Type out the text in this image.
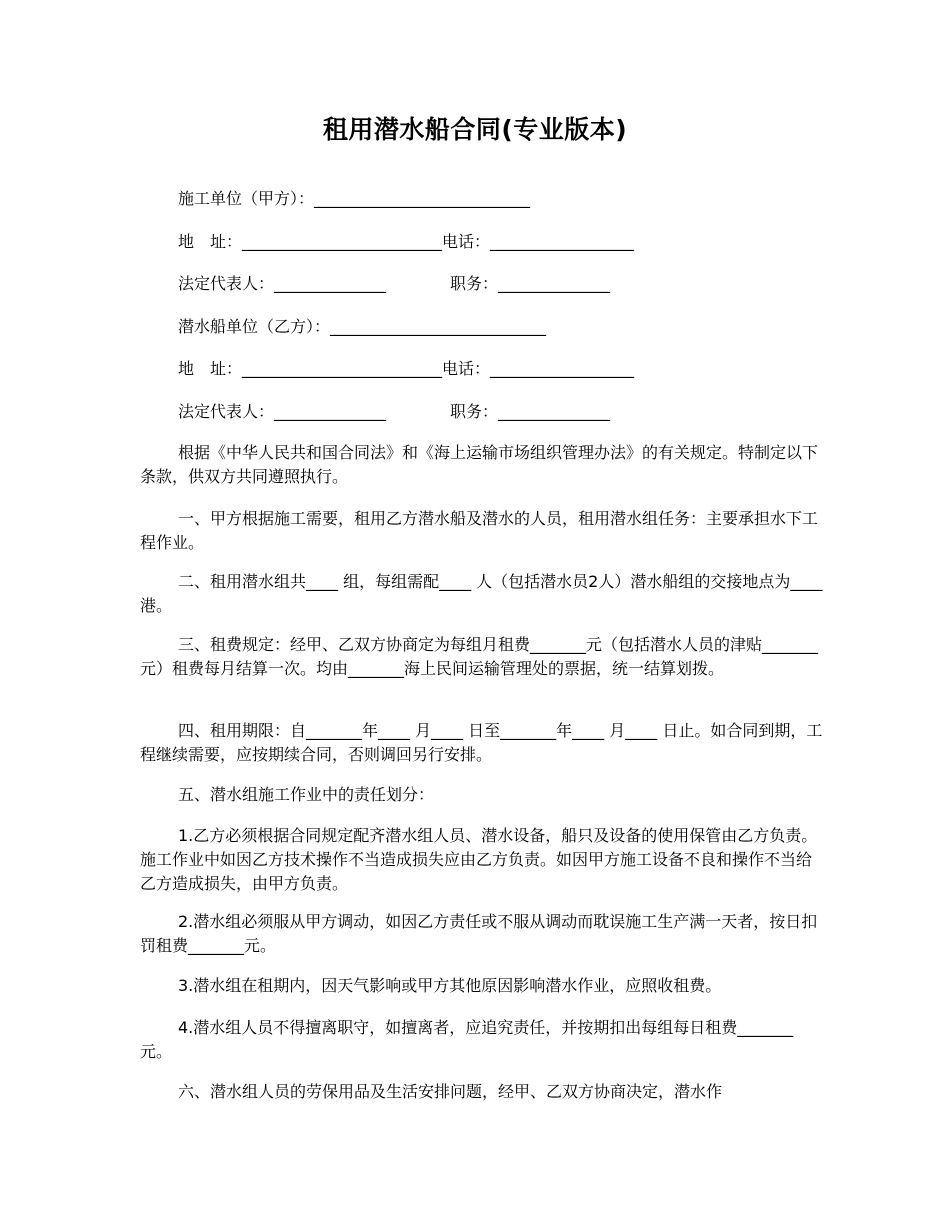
租用潜水船合同(专业版本)
施工单位（甲方）：___________________________
地　址：_________________________电话：__________________
法定代表人：______________　　　　职务：______________
潜水船单位（乙方）：___________________________
地　址：_________________________电话：__________________
法定代表人：______________　　　　职务：______________

根据《中华人民共和国合同法》和《海上运输市场组织管理办法》的有关规定。特制定以下条款，供双方共同遵照执行。

一、甲方根据施工需要，租用乙方潜水船及潜水的人员，租用潜水组任务：主要承担水下工程作业。

二、租用潜水组共____ 组，每组需配____ 人（包括潜水员2人）潜水船组的交接地点为____ 港。

三、租费规定：经甲、乙双方协商定为每组月租费_______元（包括潜水人员的津贴_______元）租费每月结算一次。均由_______海上民间运输管理处的票据，统一结算划拨。

四、租用期限：自_______年____ 月____ 日至_______年____ 月____ 日止。如合同到期，工程继续需要，应按期续合同，否则调回另行安排。

五、潜水组施工作业中的责任划分：

1.乙方必须根据合同规定配齐潜水组人员、潜水设备，船只及设备的使用保管由乙方负责。施工作业中如因乙方技术操作不当造成损失应由乙方负责。如因甲方施工设备不良和操作不当给乙方造成损失，由甲方负责。

2.潜水组必须服从甲方调动，如因乙方责任或不服从调动而耽误施工生产满一天者，按日扣罚租费_______元。

3.潜水组在租期内，因天气影响或甲方其他原因影响潜水作业，应照收租费。

4.潜水组人员不得擅离职守，如擅离者，应追究责任，并按期扣出每组每日租费_______元。

六、潜水组人员的劳保用品及生活安排问题，经甲、乙双方协商决定，潜水作
